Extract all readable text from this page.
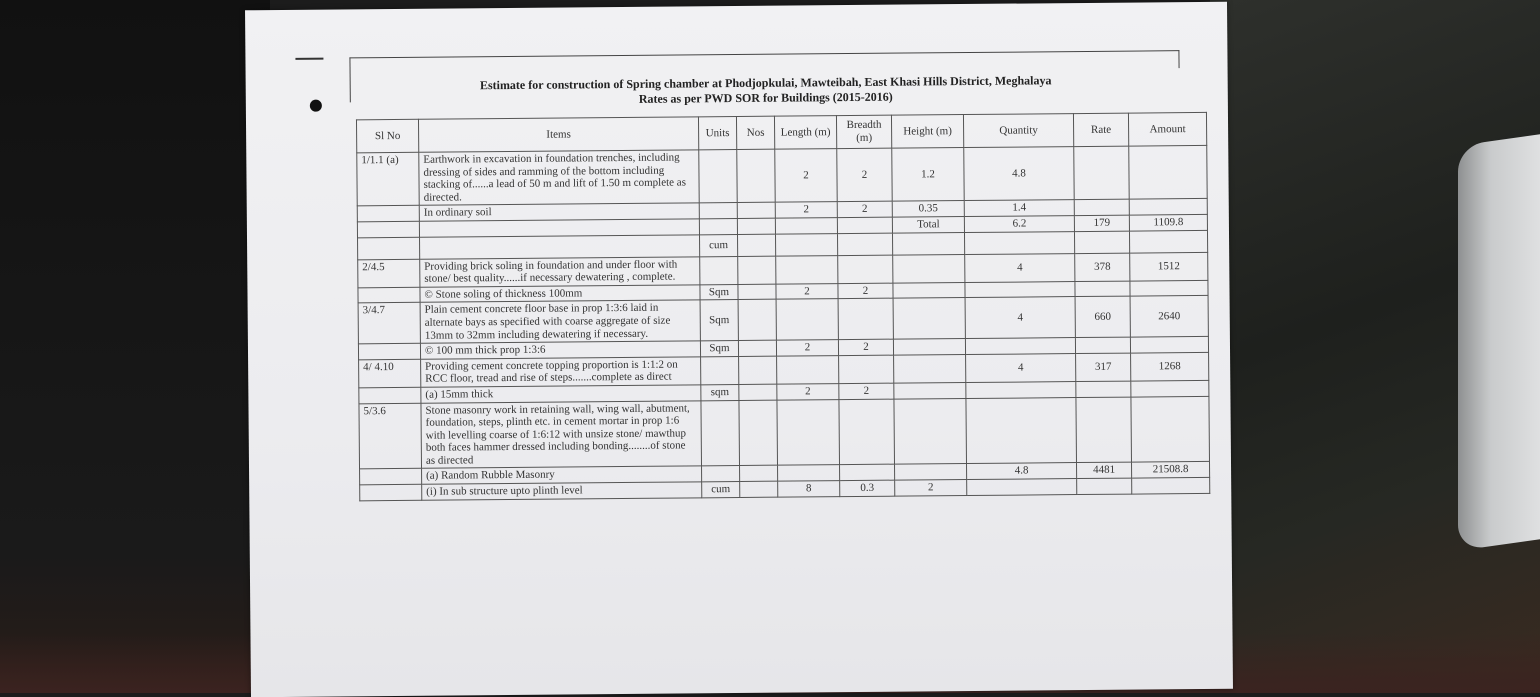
Estimate for construction of Spring chamber at Phodjopkulai, Mawteibah, East Khasi Hills District, Meghalaya
Rates as per PWD SOR for Buildings (2015-2016)
Sl No	Items	Units	Nos	Length (m)	Breadth (m)	Height (m)	Quantity	Rate	Amount
1/1.1 (a)	Earthwork in excavation in foundation trenches, including dressing of sides and ramming of the bottom including stacking of......a lead of 50 m and lift of 1.50 m complete as directed.			2	2	1.2	4.8		
	In ordinary soil			2	2	0.35	1.4		
						Total	6.2	179	1109.8
		cum							
2/4.5	Providing brick soling in foundation and under floor with stone/ best quality......if necessary dewatering , complete.						4	378	1512
	© Stone soling of thickness 100mm	Sqm		2	2				
3/4.7	Plain cement concrete floor base in prop 1:3:6 laid in alternate bays as specified with coarse aggregate of size 13mm to 32mm including dewatering if necessary.	Sqm					4	660	2640
	© 100 mm thick prop 1:3:6	Sqm		2	2				
4/ 4.10	Providing cement concrete topping proportion is 1:1:2 on RCC floor, tread and rise of steps.......complete as direct						4	317	1268
	(a) 15mm thick	sqm		2	2				
5/3.6	Stone masonry work in retaining wall, wing wall, abutment, foundation, steps, plinth etc. in cement mortar in prop 1:6 with levelling coarse of 1:6:12 with unsize stone/ mawthup both faces hammer dressed including bonding........of stone as directed								
	(a) Random Rubble Masonry						4.8	4481	21508.8
	(i) In sub structure upto plinth level	cum		8	0.3	2			
